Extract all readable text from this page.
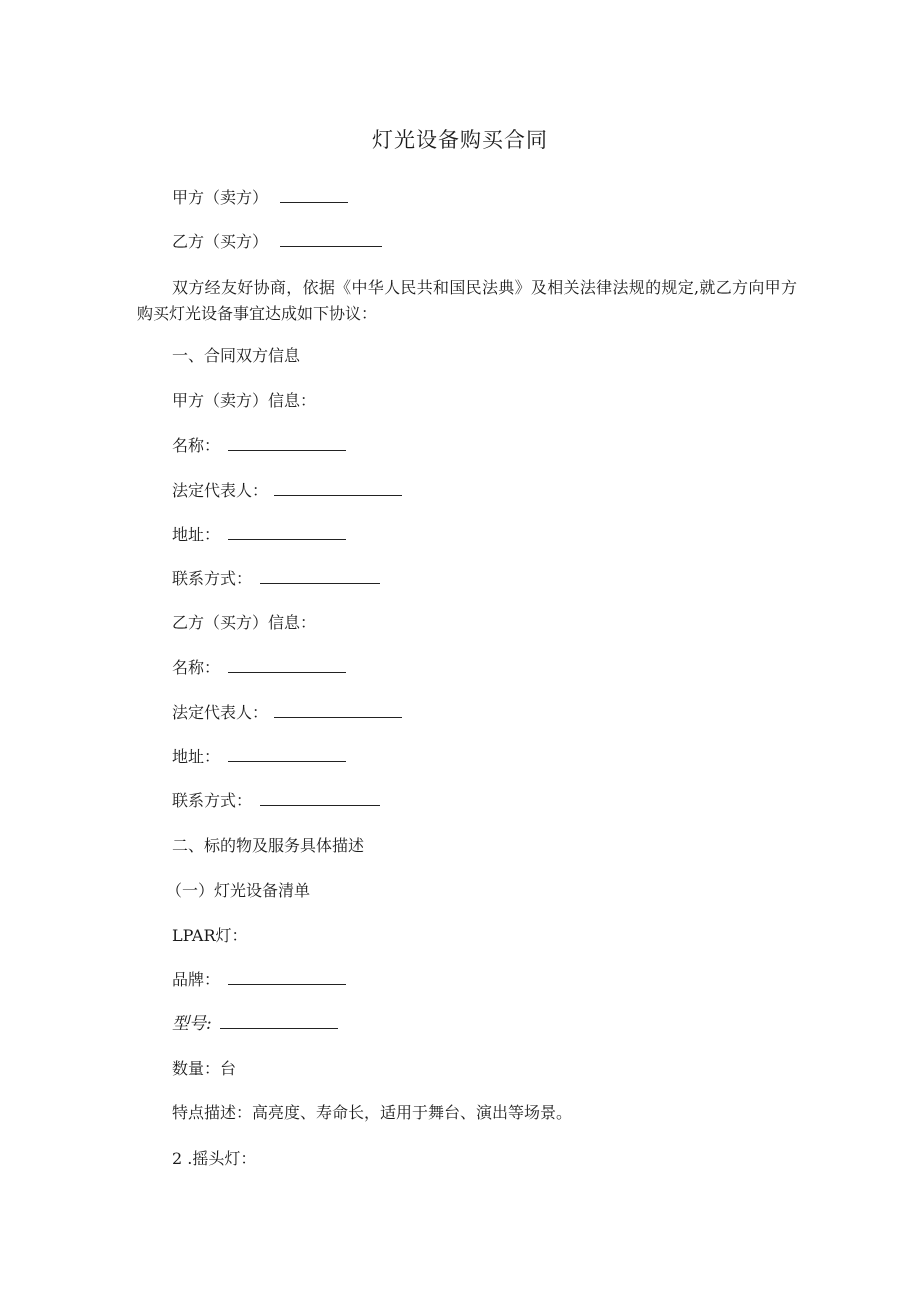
灯光设备购买合同

甲方（卖方）

乙方（买方）

双方经友好协商，依据《中华人民共和国民法典》及相关法律法规的规定,就乙方向甲方购买灯光设备事宜达成如下协议：

一、合同双方信息

甲方（卖方）信息：

名称：

法定代表人：

地址：

联系方式：

乙方（买方）信息：

名称：

法定代表人：

地址：

联系方式：

二、标的物及服务具体描述

（一）灯光设备清单

LPAR灯：

品牌：

型号:

数量：台

特点描述：高亮度、寿命长，适用于舞台、演出等场景。

2 .摇头灯：
